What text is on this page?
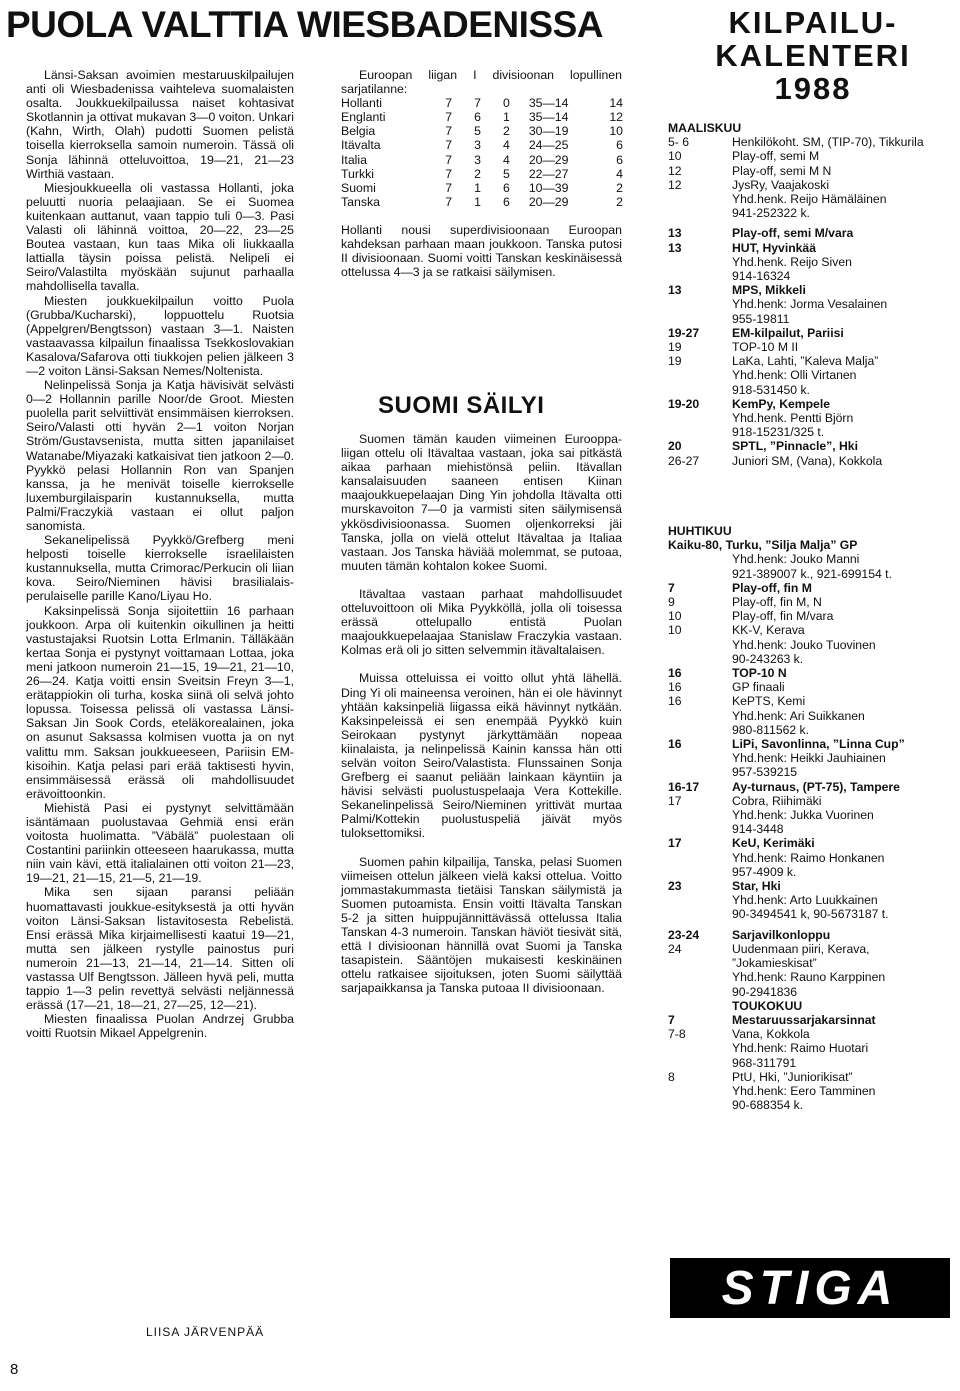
PUOLA VALTTIA WIESBADENISSA

Länsi-Saksan avoimien mestaruuskilpailujen anti oli Wiesbadenissa vaihteleva suomalaisten osalta. Joukkuekilpailussa naiset kohtasivat Skotlannin ja ottivat mukavan 3—0 voiton. Unkari (Kahn, Wirth, Olah) pudotti Suomen pelistä toisella kierroksella samoin numeroin. Tässä oli Sonja lähinnä otteluvoittoa, 19—21, 21—23 Wirthiä vastaan.

Miesjoukkueella oli vastassa Hollanti, joka peluutti nuoria pelaajiaan. Se ei Suomea kuitenkaan auttanut, vaan tappio tuli 0—3. Pasi Valasti oli lähinnä voittoa, 20—22, 23—25 Boutea vastaan, kun taas Mika oli liukkaalla lattialla täysin poissa pelistä. Nelipeli ei Seiro/Valastilta myöskään sujunut parhaalla mahdollisella tavalla.

Miesten joukkuekilpailun voitto Puola (Grubba/Kucharski), loppuottelu Ruotsia (Appelgren/Bengtsson) vastaan 3—1. Naisten vastaavassa kilpailun finaalissa Tsekkoslovakian Kasalova/Safarova otti tiukkojen pelien jälkeen 3—2 voiton Länsi-Saksan Nemes/Noltenista.

Nelinpelissä Sonja ja Katja hävisivät selvästi 0—2 Hollannin parille Noor/de Groot. Miesten puolella parit selviittivät ensimmäisen kierroksen. Seiro/Valasti otti hyvän 2—1 voiton Norjan Ström/Gustavsenista, mutta sitten japanilaiset Watanabe/Miyazaki katkaisivat tien jatkoon 2—0. Pyykkö pelasi Hollannin Ron van Spanjen kanssa, ja he menivät toiselle kierrokselle luxemburgilaisparin kustannuksella, mutta Palmi/Fraczykiä vastaan ei ollut paljon sanomista.

Sekanelipelissä Pyykkö/Grefberg meni helposti toiselle kierrokselle israelilaisten kustannuksella, mutta Crimorac/Perkucin oli liian kova. Seiro/Nieminen hävisi brasilialais-perulaiselle parille Kano/Liyau Ho.

Kaksinpelissä Sonja sijoitettiin 16 parhaan joukkoon. Arpa oli kuitenkin oikullinen ja heitti vastustajaksi Ruotsin Lotta Erlmanin. Tälläkään kertaa Sonja ei pystynyt voittamaan Lottaa, joka meni jatkoon numeroin 21—15, 19—21, 21—10, 26—24. Katja voitti ensin Sveitsin Freyn 3—1, erätappiokin oli turha, koska siinä oli selvä johto lopussa. Toisessa pelissä oli vastassa Länsi-Saksan Jin Sook Cords, eteläkorealainen, joka on asunut Saksassa kolmisen vuotta ja on nyt valittu mm. Saksan joukkueeseen, Pariisin EM-kisoihin. Katja pelasi pari erää taktisesti hyvin, ensimmäisessä erässä oli mahdollisuudet erävoittoonkin.

Miehistä Pasi ei pystynyt selvittämään isäntämaan puolustavaa Gehmiä ensi erän voitosta huolimatta. ”Väbälä” puolestaan oli Costantini pariinkin otteeseen haarukassa, mutta niin vain kävi, että italialainen otti voiton 21—23, 19—21, 21—15, 21—5, 21—19.

Mika sen sijaan paransi peliään huomattavasti joukkue-esityksestä ja otti hyvän voiton Länsi-Saksan listavitosesta Rebelistä. Ensi erässä Mika kirjaimellisesti kaatui 19—21, mutta sen jälkeen rystylle painostus puri numeroin 21—13, 21—14, 21—14. Sitten oli vastassa Ulf Bengtsson. Jälleen hyvä peli, mutta tappio 1—3 pelin revettyä selvästi neljännessä erässä (17—21, 18—21, 27—25, 12—21).

Miesten finaalissa Puolan Andrzej Grubba voitti Ruotsin Mikael Appelgrenin.

LIISA JÄRVENPÄÄ

Euroopan liigan I divisioonan lopullinen sarjatilanne:

Hollanti	7	7	0	35—14	14
Englanti	7	6	1	35—14	12
Belgia	7	5	2	30—19	10
Itävalta	7	3	4	24—25	6
Italia	7	3	4	20—29	6
Turkki	7	2	5	22—27	4
Suomi	7	1	6	10—39	2
Tanska	7	1	6	20—29	2

Hollanti nousi superdivisioonaan Euroopan kahdeksan parhaan maan joukkoon. Tanska putosi II divisioonaan. Suomi voitti Tanskan keskinäisessä ottelussa 4—3 ja se ratkaisi säilymisen.

SUOMI SÄILYI

Suomen tämän kauden viimeinen Eurooppa-liigan ottelu oli Itävaltaa vastaan, joka sai pitkästä aikaa parhaan miehistönsä peliin. Itävallan kansalaisuuden saaneen entisen Kiinan maajoukkuepelaajan Ding Yin johdolla Itävalta otti murskavoiton 7—0 ja varmisti siten säilymisensä ykkösdivisioonassa. Suomen oljenkorreksi jäi Tanska, jolla on vielä ottelut Itävaltaa ja Italiaa vastaan. Jos Tanska häviää molemmat, se putoaa, muuten tämän kohtalon kokee Suomi.

Itävaltaa vastaan parhaat mahdollisuudet otteluvoittoon oli Mika Pyykköllä, jolla oli toisessa erässä ottelupallo entistä Puolan maajoukkuepelaajaa Stanislaw Fraczykia vastaan. Kolmas erä oli jo sitten selvemmin itävaltalaisen.

Muissa otteluissa ei voitto ollut yhtä lähellä. Ding Yi oli maineensa veroinen, hän ei ole hävinnyt yhtään kaksinpeliä liigassa eikä hävinnyt nytkään. Kaksinpeleissä ei sen enempää Pyykkö kuin Seirokaan pystynyt järkyttämään nopeaa kiinalaista, ja nelinpelissä Kainin kanssa hän otti selvän voiton Seiro/Valastista. Flunssainen Sonja Grefberg ei saanut peliään lainkaan käyntiin ja hävisi selvästi puolustuspelaaja Vera Kottekille. Sekanelinpelissä Seiro/Nieminen yrittivät murtaa Palmi/Kottekin puolustuspeliä jäivät myös tuloksettomiksi.

Suomen pahin kilpailija, Tanska, pelasi Suomen viimeisen ottelun jälkeen vielä kaksi ottelua. Voitto jommastakummasta tietäisi Tanskan säilymistä ja Suomen putoamista. Ensin voitti Itävalta Tanskan 5-2 ja sitten huippujännittävässä ottelussa Italia Tanskan 4-3 numeroin. Tanskan häviöt tiesivät sitä, että I divisioonan hännillä ovat Suomi ja Tanska tasapistein. Sääntöjen mukaisesti keskinäinen ottelu ratkaisee sijoituksen, joten Suomi säilyttää sarjapaikkansa ja Tanska putoaa II divisioonaan.

KILPAILU-
KALENTERI
1988

MAALISKUU

5- 6	Henkilökoht. SM, (TIP-70), Tikkurila
10	Play-off, semi M
12	Play-off, semi M N
12	JysRy, Vaajakoski
Yhd.henk. Reijo Hämäläinen
941-252322 k.
13	Play-off, semi M/vara
13	HUT, Hyvinkää
Yhd.henk. Reijo Siven
914-16324
13	MPS, Mikkeli
Yhd.henk: Jorma Vesalainen
955-19811
19-27	EM-kilpailut, Pariisi
19	TOP-10 M II
19	LaKa, Lahti, ”Kaleva Malja”
Yhd.henk: Olli Virtanen
918-531450 k.
19-20	KemPy, Kempele
Yhd.henk. Pentti Björn
918-15231/325 t.
20	SPTL, ”Pinnacle”, Hki
26-27	Juniori SM, (Vana), Kokkola

HUHTIKUU

Kaiku-80, Turku, ”Silja Malja” GP

Yhd.henk: Jouko Manni
921-389007 k., 921-699154 t.
7	Play-off, fin M
9	Play-off, fin M, N
10	Play-off, fin M/vara
10	KK-V, Kerava
Yhd.henk: Jouko Tuovinen
90-243263 k.
16	TOP-10 N
16	GP finaali
16	KePTS, Kemi
Yhd.henk: Ari Suikkanen
980-811562 k.
16	LiPi, Savonlinna, ”Linna Cup”
Yhd.henk: Heikki Jauhiainen
957-539215
16-17	Ay-turnaus, (PT-75), Tampere
17	Cobra, Riihimäki
Yhd.henk: Jukka Vuorinen
914-3448
17	KeU, Kerimäki
Yhd.henk: Raimo Honkanen
957-4909 k.
23	Star, Hki
Yhd.henk: Arto Luukkainen
90-3494541 k, 90-5673187 t.
23-24	Sarjavilkonloppu
24	Uudenmaan piiri, Kerava, ”Jokamieskisat”
Yhd.henk: Rauno Karppinen
90-2941836
TOUKOKUU
7	Mestaruussarjakarsinnat
7-8	Vana, Kokkola
Yhd.henk: Raimo Huotari
968-311791
8	PtU, Hki, ”Juniorikisat”
Yhd.henk: Eero Tamminen
90-688354 k.
STIGA

8
